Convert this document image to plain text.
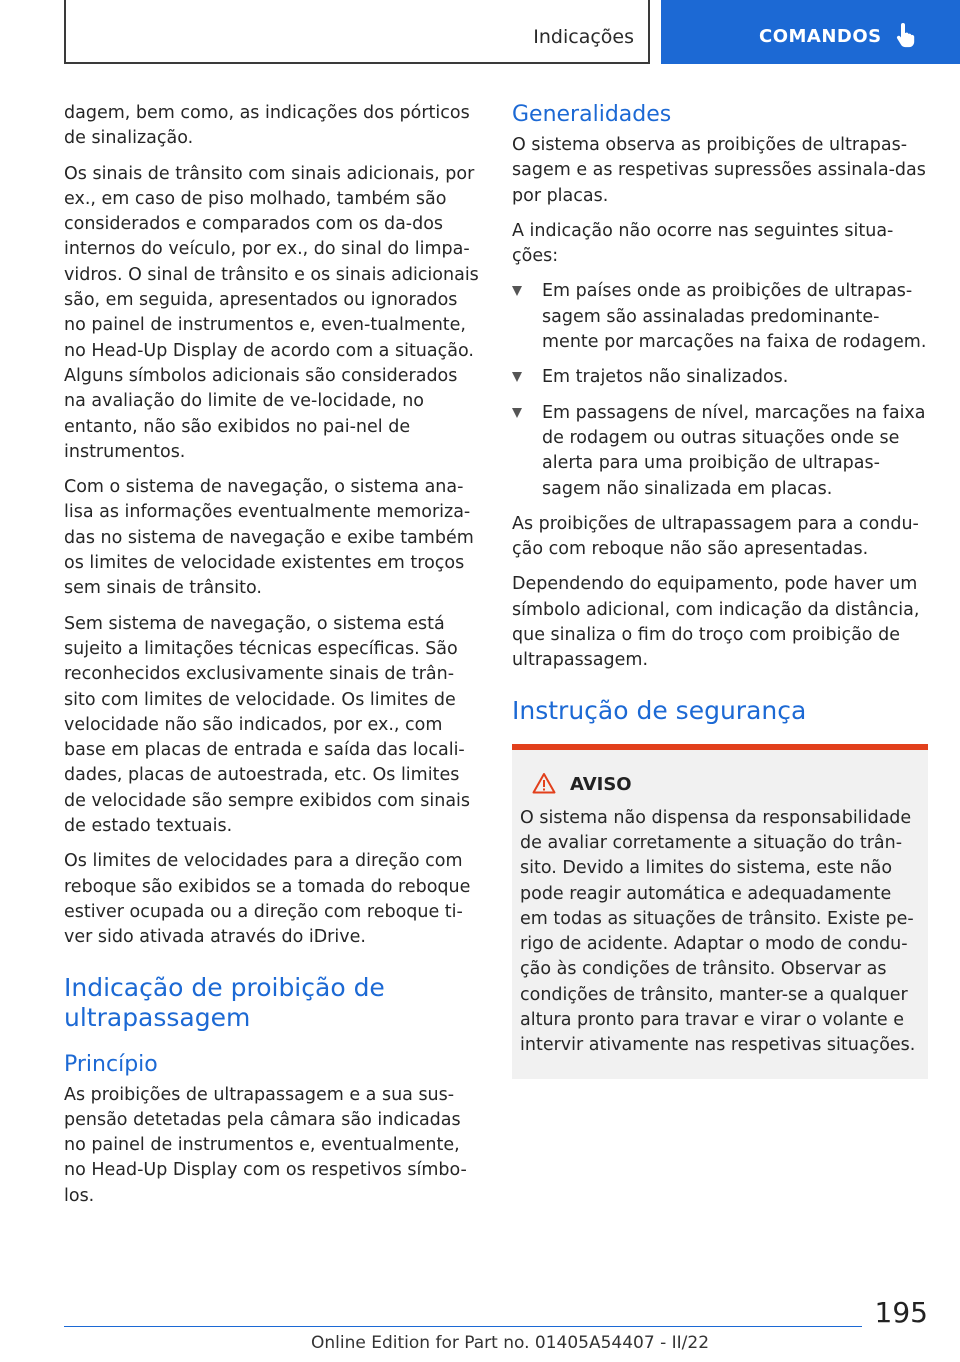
Indicações	COMANDOS

dagem, bem como, as indicações dos pórticos de sinalização.

Os sinais de trânsito com sinais adicionais, por ex., em caso de piso molhado, também são considerados e comparados com os da-dos internos do veículo, por ex., do sinal do limpa-vidros. O sinal de trânsito e os sinais adicionais são, em seguida, apresentados ou ignorados no painel de instrumentos e, even-tualmente, no Head-Up Display de acordo com a situação. Alguns símbolos adicionais são considerados na avaliação do limite de ve-locidade, no entanto, não são exibidos no pai-nel de instrumentos.

Com o sistema de navegação, o sistema ana-lisa as informações eventualmente memoriza-das no sistema de navegação e exibe também os limites de velocidade existentes em troços sem sinais de trânsito.

Sem sistema de navegação, o sistema está sujeito a limitações técnicas específicas. São reconhecidos exclusivamente sinais de trân-sito com limites de velocidade. Os limites de velocidade não são indicados, por ex., com base em placas de entrada e saída das locali-dades, placas de autoestrada, etc. Os limites de velocidade são sempre exibidos com sinais de estado textuais.

Os limites de velocidades para a direção com reboque são exibidos se a tomada do reboque estiver ocupada ou a direção com reboque ti-ver sido ativada através do iDrive.

Indicação de proibição de ultrapassagem
Princípio

As proibições de ultrapassagem e a sua sus-pensão detetadas pela câmara são indicadas no painel de instrumentos e, eventualmente, no Head-Up Display com os respetivos símbo-los.

Generalidades

O sistema observa as proibições de ultrapas-sagem e as respetivas supressões assinala-das por placas.

A indicação não ocorre nas seguintes situa-ções:

Em países onde as proibições de ultrapas-sagem são assinaladas predominante-mente por marcações na faixa de rodagem.
Em trajetos não sinalizados.
Em passagens de nível, marcações na faixa de rodagem ou outras situações onde se alerta para uma proibição de ultrapas-sagem não sinalizada em placas.

As proibições de ultrapassagem para a condu-ção com reboque não são apresentadas.

Dependendo do equipamento, pode haver um símbolo adicional, com indicação da distância, que sinaliza o fim do troço com proibição de ultrapassagem.

Instrução de segurança
AVISO

O sistema não dispensa da responsabilidade de avaliar corretamente a situação do trân-sito. Devido a limites do sistema, este não pode reagir automática e adequadamente em todas as situações de trânsito. Existe pe-rigo de acidente. Adaptar o modo de condu-ção às condições de trânsito. Observar as condições de trânsito, manter-se a qualquer altura pronto para travar e virar o volante e intervir ativamente nas respetivas situações.

195
Online Edition for Part no. 01405A54407 - II/22
